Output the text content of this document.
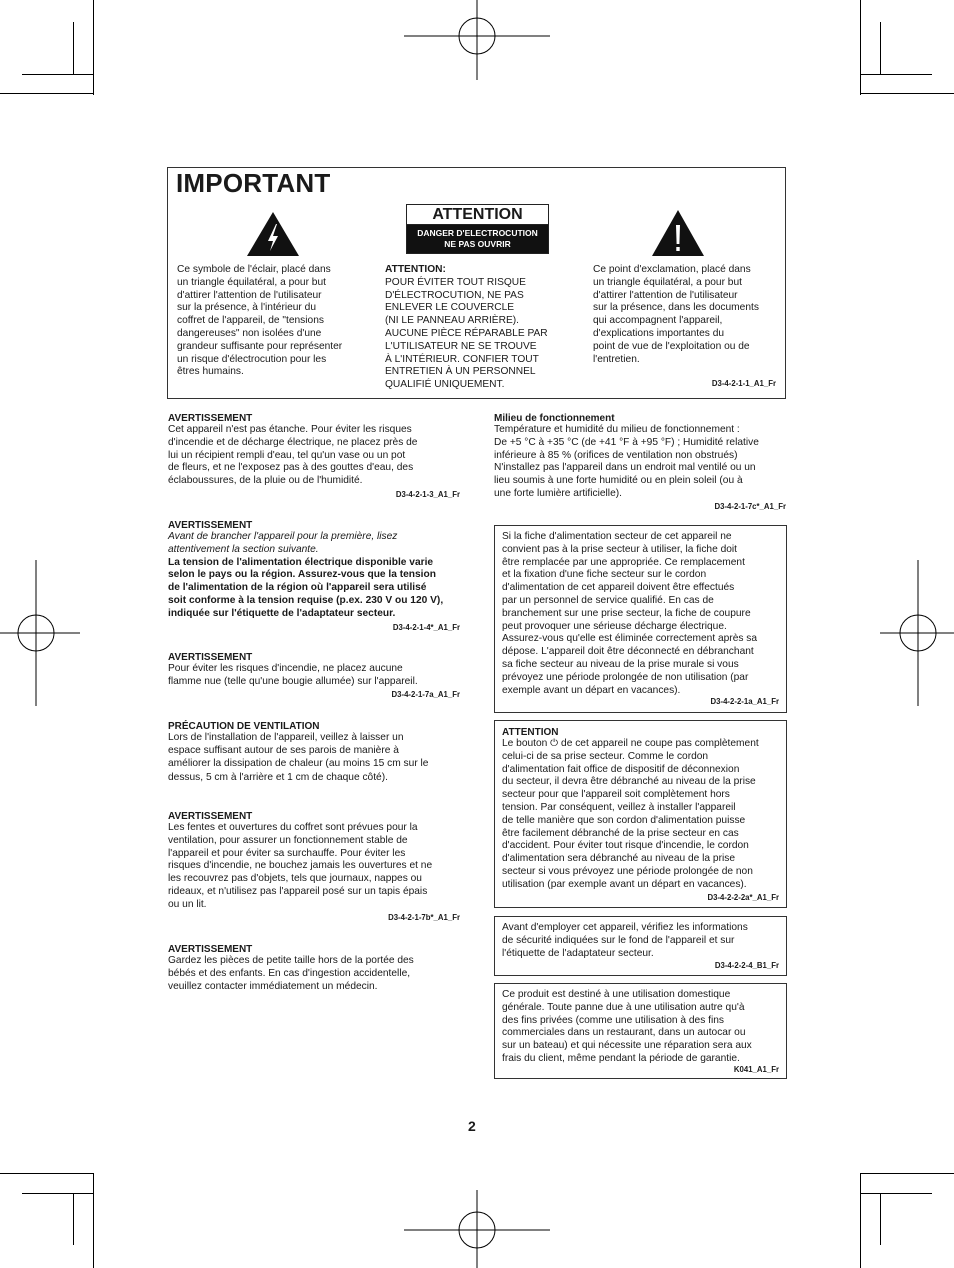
IMPORTANT
ATTENTION
DANGER D'ELECTROCUTION
NE PAS OUVRIR
Ce symbole de l'éclair, placé dans
un triangle équilatéral, a pour but
d'attirer l'attention de l'utilisateur
sur la présence, à l'intérieur du
coffret de l'appareil, de "tensions
dangereuses" non isolées d'une
grandeur suffisante pour représenter
un risque d'électrocution pour les
êtres humains.
ATTENTION:
POUR ÉVITER TOUT RISQUE
D'ÉLECTROCUTION, NE PAS
ENLEVER LE COUVERCLE
(NI LE PANNEAU ARRIÈRE).
AUCUNE PIÈCE RÉPARABLE PAR
L'UTILISATEUR NE SE TROUVE
À L'INTÉRIEUR. CONFIER TOUT
ENTRETIEN À UN PERSONNEL
QUALIFIÉ UNIQUEMENT.
Ce point d'exclamation, placé dans
un triangle équilatéral, a pour but
d'attirer l'attention de l'utilisateur
sur la présence, dans les documents
qui accompagnent l'appareil,
d'explications importantes du
point de vue de l'exploitation ou de
l'entretien.
D3-4-2-1-1_A1_Fr
AVERTISSEMENT
Cet appareil n'est pas étanche. Pour éviter les risques
d'incendie et de décharge électrique, ne placez près de
lui un récipient rempli d'eau, tel qu'un vase ou un pot
de fleurs, et ne l'exposez pas à des gouttes d'eau, des
éclaboussures, de la pluie ou de l'humidité.
D3-4-2-1-3_A1_Fr
AVERTISSEMENT
Avant de brancher l'appareil pour la première, lisez
attentivement la section suivante.
La tension de l'alimentation électrique disponible varie
selon le pays ou la région. Assurez-vous que la tension
de l'alimentation de la région où l'appareil sera utilisé
soit conforme à la tension requise (p.ex. 230 V ou 120 V),
indiquée sur l'étiquette de l'adaptateur secteur.
D3-4-2-1-4*_A1_Fr
AVERTISSEMENT
Pour éviter les risques d'incendie, ne placez aucune
flamme nue (telle qu'une bougie allumée) sur l'appareil.
D3-4-2-1-7a_A1_Fr
PRÉCAUTION DE VENTILATION
Lors de l'installation de l'appareil, veillez à laisser un
espace suffisant autour de ses parois de manière à
améliorer la dissipation de chaleur (au moins 15 cm sur le
dessus, 5 cm à l'arrière et 1 cm de chaque côté).
AVERTISSEMENT
Les fentes et ouvertures du coffret sont prévues pour la
ventilation, pour assurer un fonctionnement stable de
l'appareil et pour éviter sa surchauffe. Pour éviter les
risques d'incendie, ne bouchez jamais les ouvertures et ne
les recouvrez pas d'objets, tels que journaux, nappes ou
rideaux, et n'utilisez pas l'appareil posé sur un tapis épais
ou un lit.
D3-4-2-1-7b*_A1_Fr
AVERTISSEMENT
Gardez les pièces de petite taille hors de la portée des
bébés et des enfants. En cas d'ingestion accidentelle,
veuillez contacter immédiatement un médecin.
Milieu de fonctionnement
Température et humidité du milieu de fonctionnement :
De +5 °C à +35 °C (de +41 °F à +95 °F) ; Humidité relative
inférieure à 85 % (orifices de ventilation non obstrués)
N'installez pas l'appareil dans un endroit mal ventilé ou un
lieu soumis à une forte humidité ou en plein soleil (ou à
une forte lumière artificielle).
D3-4-2-1-7c*_A1_Fr
Si la fiche d'alimentation secteur de cet appareil ne
convient pas à la prise secteur à utiliser, la fiche doit
être remplacée par une appropriée. Ce remplacement
et la fixation d'une fiche secteur sur le cordon
d'alimentation de cet appareil doivent être effectués
par un personnel de service qualifié. En cas de
branchement sur une prise secteur, la fiche de coupure
peut provoquer une sérieuse décharge électrique.
Assurez-vous qu'elle est éliminée correctement après sa
dépose. L'appareil doit être déconnecté en débranchant
sa fiche secteur au niveau de la prise murale si vous
prévoyez une période prolongée de non utilisation (par
exemple avant un départ en vacances).
D3-4-2-2-1a_A1_Fr
ATTENTION
Le bouton ⏻ de cet appareil ne coupe pas complètement
celui-ci de sa prise secteur. Comme le cordon
d'alimentation fait office de dispositif de déconnexion
du secteur, il devra être débranché au niveau de la prise
secteur pour que l'appareil soit complètement hors
tension. Par conséquent, veillez à installer l'appareil
de telle manière que son cordon d'alimentation puisse
être facilement débranché de la prise secteur en cas
d'accident. Pour éviter tout risque d'incendie, le cordon
d'alimentation sera débranché au niveau de la prise
secteur si vous prévoyez une période prolongée de non
utilisation (par exemple avant un départ en vacances).
D3-4-2-2-2a*_A1_Fr
Avant d'employer cet appareil, vérifiez les informations
de sécurité indiquées sur le fond de l'appareil et sur
l'étiquette de l'adaptateur secteur.
D3-4-2-2-4_B1_Fr
Ce produit est destiné à une utilisation domestique
générale. Toute panne due à une utilisation autre qu'à
des fins privées (comme une utilisation à des fins
commerciales dans un restaurant, dans un autocar ou
sur un bateau) et qui nécessite une réparation sera aux
frais du client, même pendant la période de garantie.
K041_A1_Fr
2
